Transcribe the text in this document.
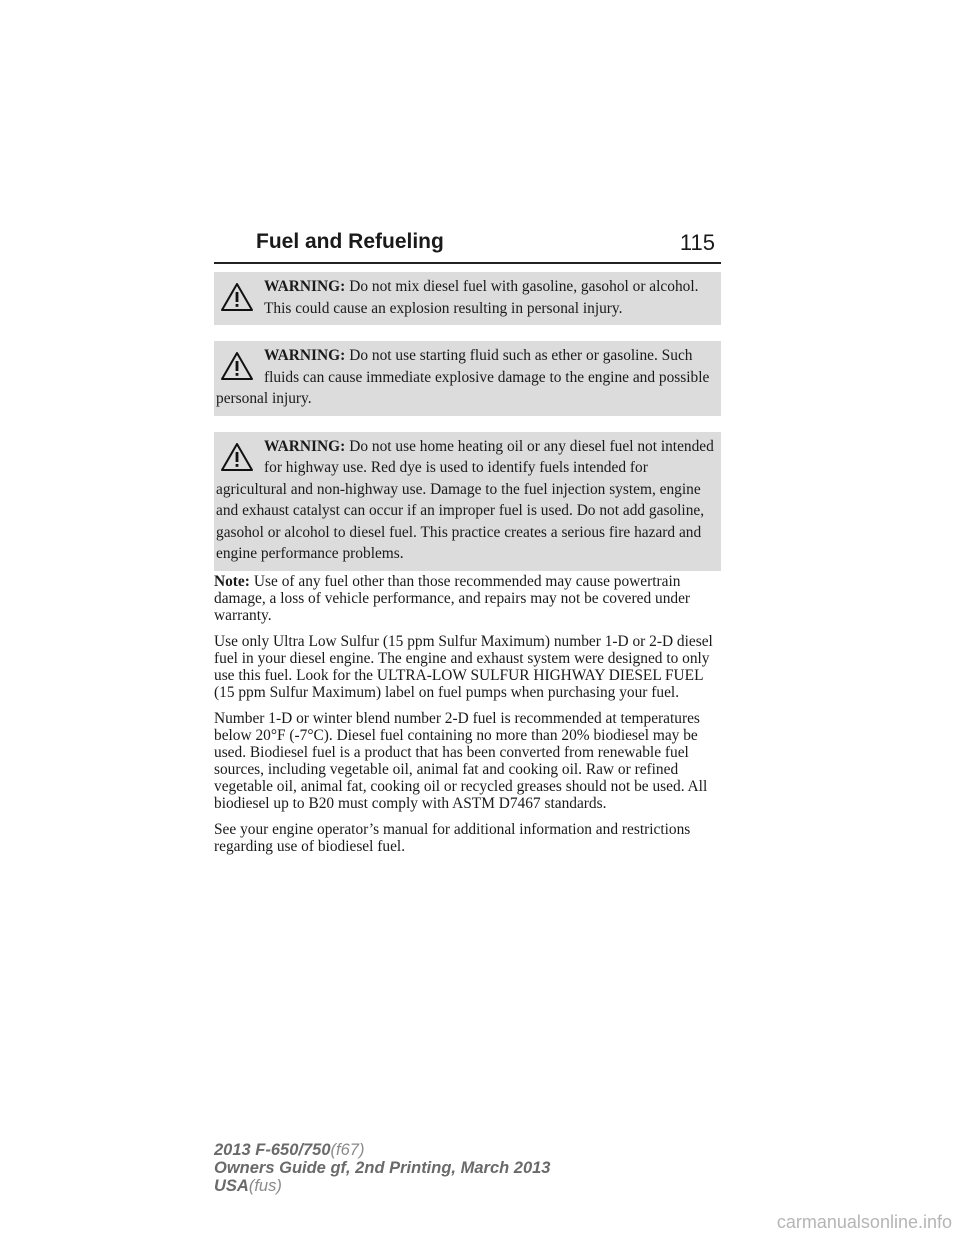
Fuel and Refueling	115
WARNING: Do not mix diesel fuel with gasoline, gasohol or alcohol. This could cause an explosion resulting in personal injury.
WARNING: Do not use starting fluid such as ether or gasoline. Such fluids can cause immediate explosive damage to the engine and possible personal injury.
WARNING: Do not use home heating oil or any diesel fuel not intended for highway use. Red dye is used to identify fuels intended for agricultural and non-highway use. Damage to the fuel injection system, engine and exhaust catalyst can occur if an improper fuel is used. Do not add gasoline, gasohol or alcohol to diesel fuel. This practice creates a serious fire hazard and engine performance problems.

Note: Use of any fuel other than those recommended may cause powertrain damage, a loss of vehicle performance, and repairs may not be covered under warranty.

Use only Ultra Low Sulfur (15 ppm Sulfur Maximum) number 1-D or 2-D diesel fuel in your diesel engine. The engine and exhaust system were designed to only use this fuel. Look for the ULTRA-LOW SULFUR HIGHWAY DIESEL FUEL (15 ppm Sulfur Maximum) label on fuel pumps when purchasing your fuel.

Number 1-D or winter blend number 2-D fuel is recommended at temperatures below 20°F (-7°C). Diesel fuel containing no more than 20% biodiesel may be used. Biodiesel fuel is a product that has been converted from renewable fuel sources, including vegetable oil, animal fat and cooking oil. Raw or refined vegetable oil, animal fat, cooking oil or recycled greases should not be used. All biodiesel up to B20 must comply with ASTM D7467 standards.

See your engine operator’s manual for additional information and restrictions regarding use of biodiesel fuel.

2013 F-650/750(f67)
Owners Guide gf, 2nd Printing, March 2013
USA(fus)
carmanualsonline.info
